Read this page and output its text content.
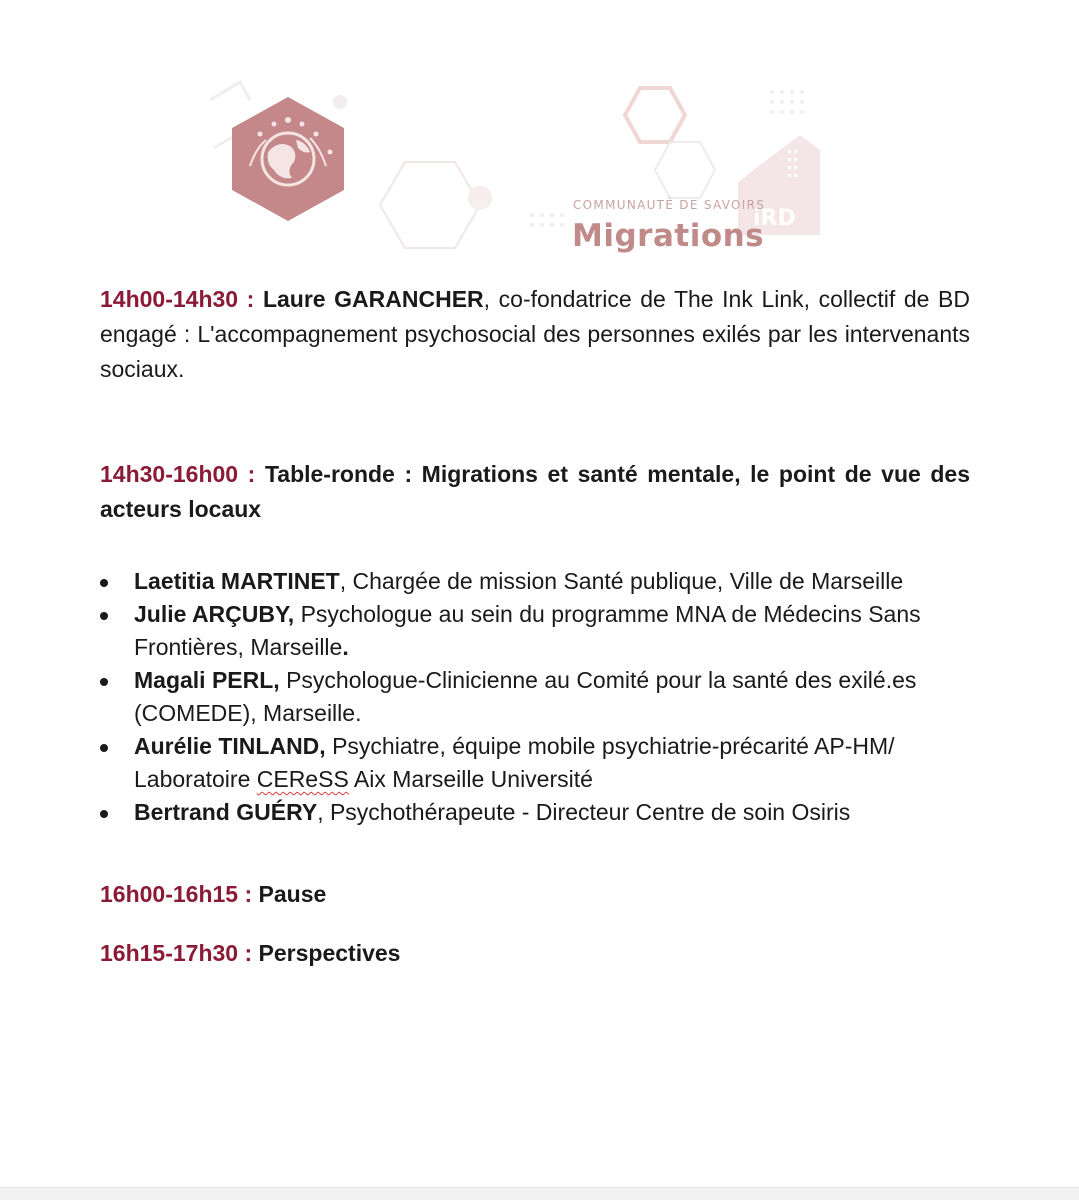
iRD
COMMUNAUTÉ DE SAVOIRS
Migrations

14h00-14h30 : Laure GARANCHER, co-fondatrice de The Ink Link, collectif de BD engagé : L'accompagnement psychosocial des personnes exilés par les intervenants sociaux.

14h30-16h00 : Table-ronde : Migrations et santé mentale, le point de vue des acteurs locaux

Laetitia MARTINET, Chargée de mission Santé publique, Ville de Marseille
Julie ARÇUBY, Psychologue au sein du programme MNA de Médecins Sans Frontières, Marseille.
Magali PERL, Psychologue-Clinicienne au Comité pour la santé des exilé.es (COMEDE), Marseille.
Aurélie TINLAND, Psychiatre, équipe mobile psychiatrie-précarité AP-HM/ Laboratoire CEReSS Aix Marseille Université
Bertrand GUÉRY, Psychothérapeute - Directeur Centre de soin Osiris

16h00-16h15 : Pause

16h15-17h30 : Perspectives
